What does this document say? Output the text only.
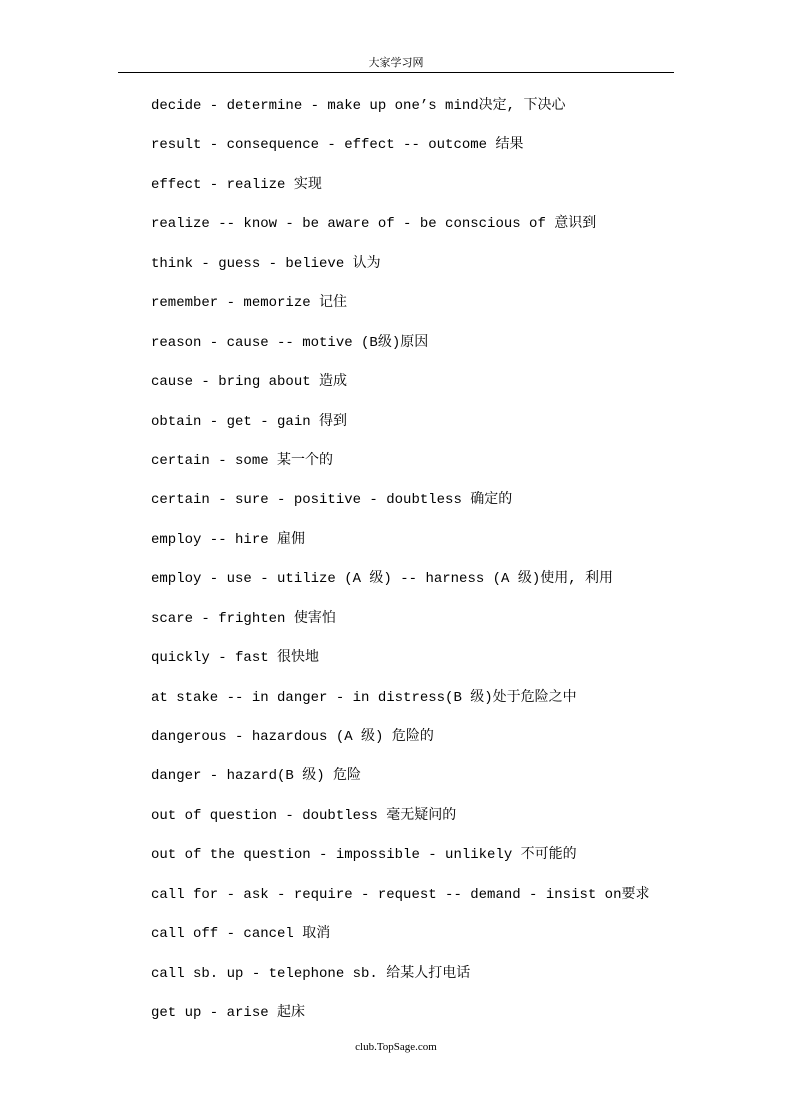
大家学习网
decide - determine - make up one’s mind决定, 下决心
result - consequence - effect -- outcome 结果
effect - realize 实现
realize -- know - be aware of - be conscious of 意识到
think - guess - believe 认为
remember - memorize 记住
reason - cause -- motive (B级)原因
cause - bring about 造成
obtain - get - gain 得到
certain - some 某一个的
certain - sure - positive - doubtless 确定的
employ -- hire 雇佣
employ - use - utilize (A 级) -- harness (A 级)使用, 利用
scare - frighten 使害怕
quickly - fast 很快地
at stake -- in danger - in distress(B 级)处于危险之中
dangerous - hazardous (A 级) 危险的
danger - hazard(B 级) 危险
out of question - doubtless 毫无疑问的
out of the question - impossible - unlikely 不可能的
call for - ask - require - request -- demand - insist on要求
call off - cancel 取消
call sb. up - telephone sb. 给某人打电话
get up - arise 起床
club.TopSage.com
